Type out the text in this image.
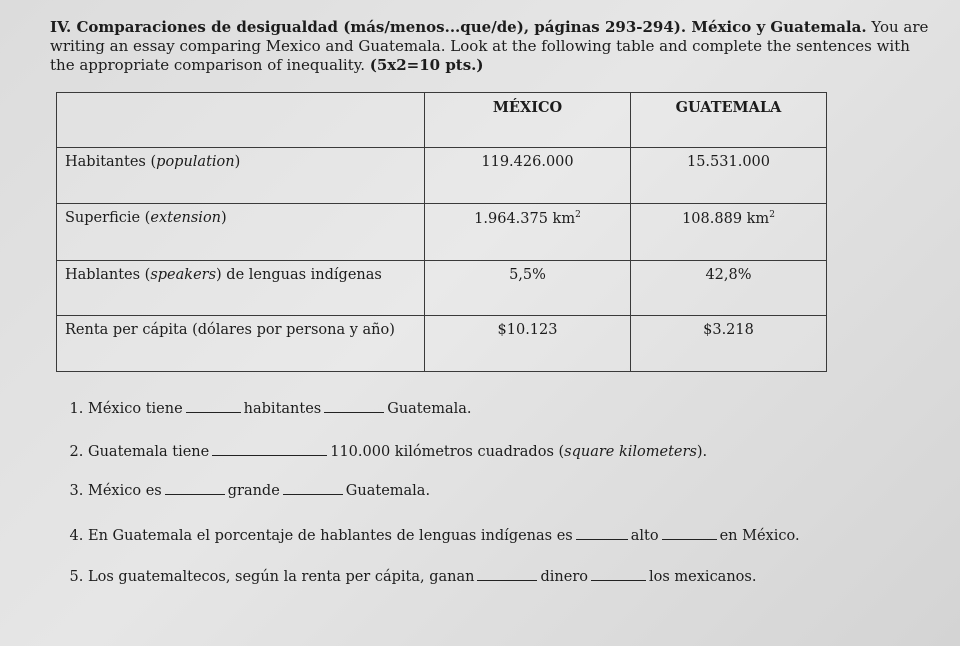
IV. Comparaciones de desigualdad (más/menos...que/de), páginas 293-294). México y Guatemala. You are writing an essay comparing Mexico and Guatemala. Look at the following table and complete the sentences with the appropriate comparison of inequality. (5x2=10 pts.)
	MÉXICO	GUATEMALA
Habitantes (population)	119.426.000	15.531.000
Superficie (extension)	1.964.375 $km^2$	108.889 $km^2$
Hablantes (speakers) de lenguas indígenas	5,5%	42,8%
Renta per cápita (dólares por persona y año)	$10.123	$3.218
1. México tiene	habitantes	Guatemala.
2. Guatemala tiene	110.000 kilómetros cuadrados (square kilometers).
3. México es	grande	Guatemala.
4. En Guatemala el porcentaje de hablantes de lenguas indígenas es	alto	en México.
5. Los guatemaltecos, según la renta per cápita, ganan	dinero	los mexicanos.
